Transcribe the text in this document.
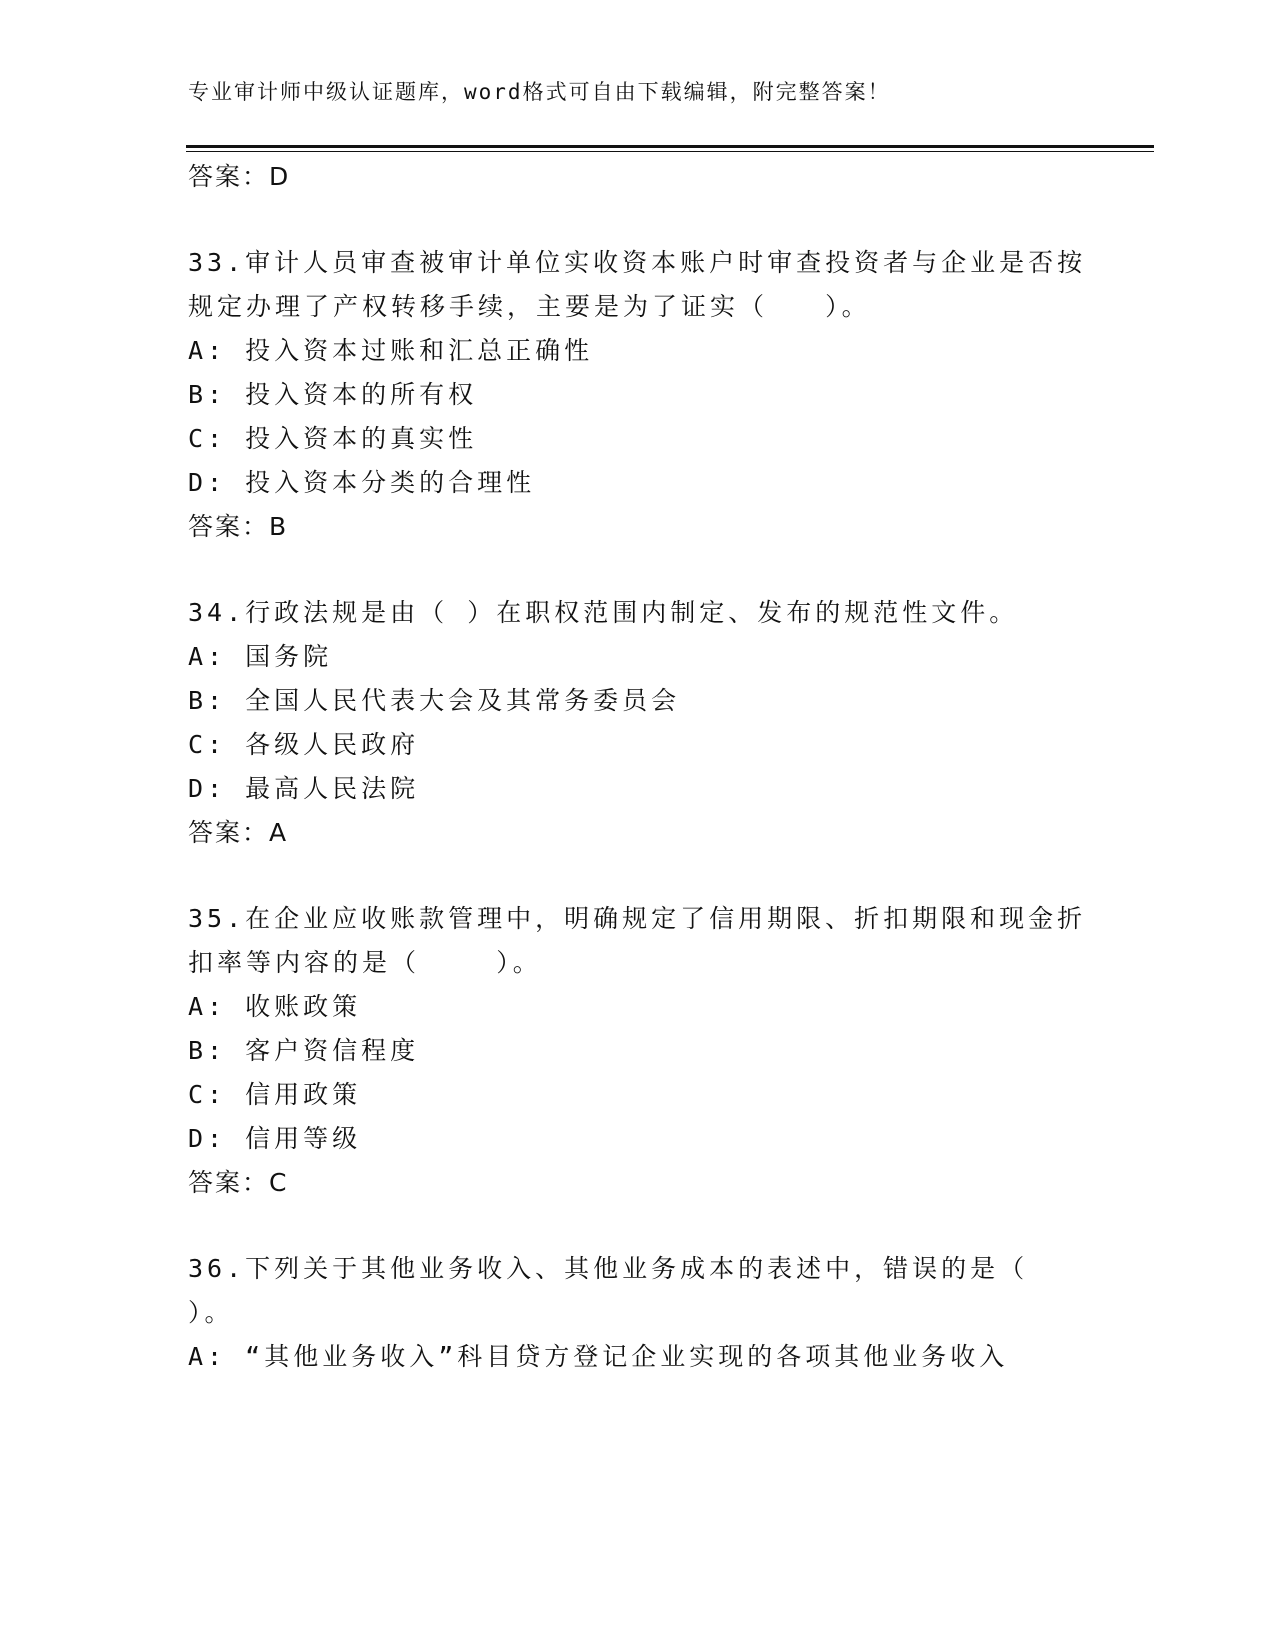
专业审计师中级认证题库，word格式可自由下载编辑，附完整答案！
答案：D
33.审计人员审查被审计单位实收资本账户时审查投资者与企业是否按
规定办理了产权转移手续，主要是为了证实（   ）。
A: 投入资本过账和汇总正确性
B: 投入资本的所有权
C: 投入资本的真实性
D: 投入资本分类的合理性
答案：B
34.行政法规是由（ ）在职权范围内制定、发布的规范性文件。
A: 国务院
B: 全国人民代表大会及其常务委员会
C: 各级人民政府
D: 最高人民法院
答案：A
35.在企业应收账款管理中，明确规定了信用期限、折扣期限和现金折
扣率等内容的是（    ）。
A: 收账政策
B: 客户资信程度
C: 信用政策
D: 信用等级
答案：C
36.下列关于其他业务收入、其他业务成本的表述中，错误的是（
）。
A: “其他业务收入”科目贷方登记企业实现的各项其他业务收入
